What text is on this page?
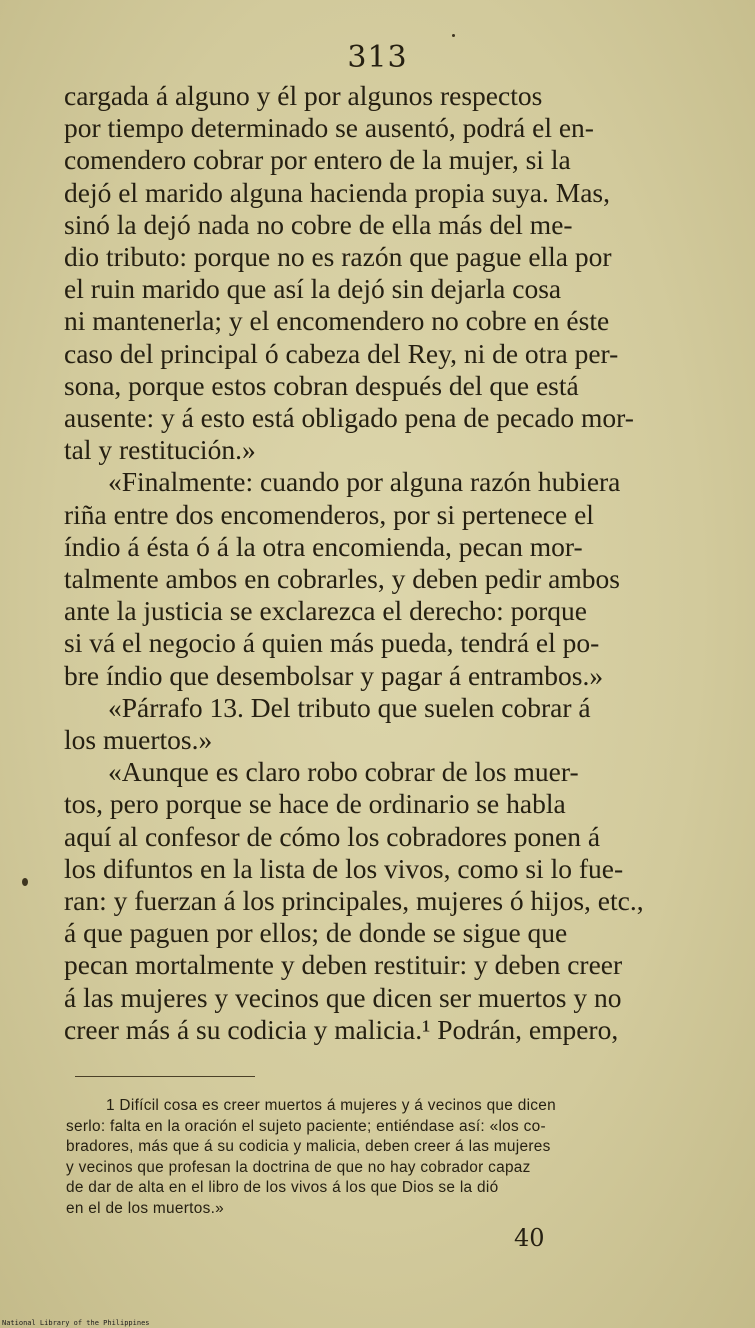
313
cargada á alguno y él por algunos respectos
por tiempo determinado se ausentó, podrá el en-
comendero cobrar por entero de la mujer, si la
dejó el marido alguna hacienda propia suya. Mas,
sinó la dejó nada no cobre de ella más del me-
dio tributo: porque no es razón que pague ella por
el ruin marido que así la dejó sin dejarla cosa
ni mantenerla; y el encomendero no cobre en éste
caso del principal ó cabeza del Rey, ni de otra per-
sona, porque estos cobran después del que está
ausente: y á esto está obligado pena de pecado mor-
tal y restitución.»
«Finalmente: cuando por alguna razón hubiera
riña entre dos encomenderos, por si pertenece el
índio á ésta ó á la otra encomienda, pecan mor-
talmente ambos en cobrarles, y deben pedir ambos
ante la justicia se exclarezca el derecho: porque
si vá el negocio á quien más pueda, tendrá el po-
bre índio que desembolsar y pagar á entrambos.»
«Párrafo 13. Del tributo que suelen cobrar á
los muertos.»
«Aunque es claro robo cobrar de los muer-
tos, pero porque se hace de ordinario se habla
aquí al confesor de cómo los cobradores ponen á
los difuntos en la lista de los vivos, como si lo fue-
ran: y fuerzan á los principales, mujeres ó hijos, etc.,
á que paguen por ellos; de donde se sigue que
pecan mortalmente y deben restituir: y deben creer
á las mujeres y vecinos que dicen ser muertos y no
creer más á su codicia y malicia.¹ Podrán, empero,
1 Difícil cosa es creer muertos á mujeres y á vecinos que dicen
serlo: falta en la oración el sujeto paciente; entiéndase así: «los co-
bradores, más que á su codicia y malicia, deben creer á las mujeres
y vecinos que profesan la doctrina de que no hay cobrador capaz
de dar de alta en el libro de los vivos á los que Dios se la dió
en el de los muertos.»
40
National Library of the Philippines
